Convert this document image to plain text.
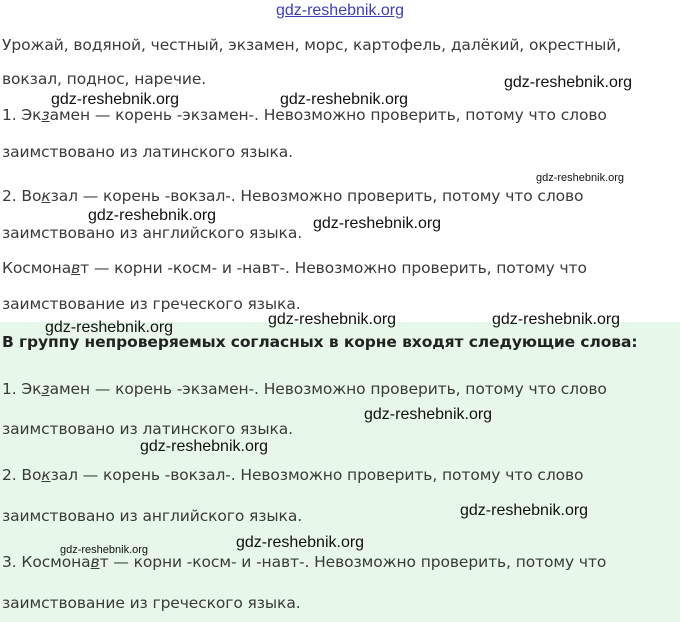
gdz-reshebnik.org
Урожай, водяной, честный, экзамен, морс, картофель, далёкий, окрестный,
вокзал, поднос, наречие.
1. Экзамен — корень -экзамен-. Невозможно проверить, потому что слово
заимствовано из латинского языка.
2. Вокзал — корень -вокзал-. Невозможно проверить, потому что слово
заимствовано из английского языка.
Космонавт — корни -косм- и -навт-. Невозможно проверить, потому что
заимствование из греческого языка.
В группу непроверяемых согласных в корне входят следующие слова:
1. Экзамен — корень -экзамен-. Невозможно проверить, потому что слово
заимствовано из латинского языка.
2. Вокзал — корень -вокзал-. Невозможно проверить, потому что слово
заимствовано из английского языка.
3. Космонавт — корни -косм- и -навт-. Невозможно проверить, потому что
заимствование из греческого языка.
gdz-reshebnik.org
gdz-reshebnik.org	gdz-reshebnik.org
gdz-reshebnik.org
gdz-reshebnik.org	gdz-reshebnik.org
gdz-reshebnik.org	gdz-reshebnik.org
gdz-reshebnik.org
gdz-reshebnik.org
gdz-reshebnik.org
gdz-reshebnik.org
gdz-reshebnik.org
gdz-reshebnik.org
